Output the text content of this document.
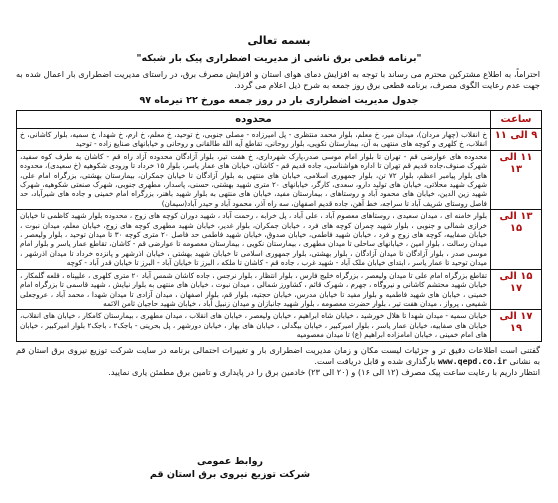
بسمه تعالی
"برنامه قطعی برق ناشی از مدیریت اضطراری پیک بار شبکه"
احتراماً، به اطلاع مشترکین محترم می رساند با توجه به افزایش دمای هوای استان و افزایش مصرف برق، در راستای مدیریت اضطراری بار اعمال شده به جهت عدم رعایت الگوی مصرف، برنامه قطعی برق روز جمعه به شرح ذیل اعلام می گردد.
جدول مدیریت اضطراری بار در روز جمعه مورخ ۲۲ تیرماه ۹۷
ساعت	محدوده
۹ الی ۱۱	خ انقلاب (چهار مردان)، میدان میر، خ معلم، بلوار محمد منتظری - پل امیرزاده - مصلی جنوبی، خ توحید، خ معلم، خ ارم، خ شهدا، خ سمیه، بلوار کاشانی، خ انقلاب، خ کلهری و کوچه های منتهی به آن، بیمارستان نکویی، بلوار روحانی، تقاطع آیه الله طالقانی و روحانی و خیابانهای صنایع زاده - توحید
۱۱ الی ۱۳	محدوده های عوارضی قم - تهران تا بلوار امام موسی صدر،پارک شهرداری، خ هفت تیر، بلوار آزادگان محدوده آزاد راه قم - کاشان به طرف کوه سفید، شهرک صنوف،جاده قدیم قم تهران تا اداره هواشناسی، جاده قدیم قم - کاشان، خیابان های عمار یاسر، بلوار ۱۵ خرداد تا ورودی شکوهیه (خ سعیدی)، محدوده های بلوار پیامبر اعظم، بلوار ۷۲ تن، بلوار جمهوری اسلامی، خیابان های منتهی به بلوار آزادگان تا خیابان جمکران، بیمارستان بهشتی، بزرگراه امام علی، شهرک شهید محلاتی، خیابان های تولید دارو، سعدی، کارگر، خیابانهای ۲۰ متری شهید بهشتی، حسنی، پاسدار، مطهری جنوبی، شهرک صنعتی شکوهیه، شهرک شهید زین الدین، خیابان های محمود آباد و روستاهای ، بیمارستان مفید، خیابان های منتهی به بلوار شهید باهنر، بزرگراه امام خمینی و جاده های شیرآباد، حد فاصل روستای شریف آباد تا سراجه، خط آهن، جاده قدیم اصفهان، سه راه آذر، محمود آباد و حیدر آباد(سیمان)
۱۳ الی ۱۵	بلوار خامنه ای ، میدان سعیدی ، روستاهای معصوم آباد ، علی آباد ، پل خرابه ، رحمت آباد ، شهید دوران کوچه های زوج ، محدوده بلوار شهید کاظمی تا خیابان خرازی شمالی و جنوبی ، بلوار شهید چمران کوچه های فرد ، خیابان جمکران، بلوار غدیر، خیابان شهید مطهری کوچه های زوج، خیابان معلم، میدان نبوت ، خیابان صفاییه، کوچه های زوج و فرد ، خیابان شهید فاطمی، خیابان صدوق، خیابان شهید فاطمی حد فاصل ۲۰ متری کوچه ۳۰ تا میدان توحید ، بلوار ولیعصر ، میدان رسالت ، بلوار امین ، خیابانهای ساحلی تا میدان مطهری ، بیمارستان نکویی ، بیمارستان معصومه تا عوارضی قم - کاشان، تقاطع عمار یاسر و بلوار امام موسی صدر ، بلوار آزادگان تا میدان آزادگان ، بلوار بهشتی، بلوار جمهوری اسلامی تا خیابان شهید بهشتی ، خیابان اذرشهر و پانزده خرداد تا میدان اذرشهر ، میدان توحید تا عمار یاسر ، ابتدای خیابان ملک آباد - شهید غرب ، جاده قم - کاشان تا ملکه ، البرز تا خیابان آباد - البرز تا خیابان قدر آباد - کوچه
۱۵ الی ۱۷	تقاطع بزرگراه امام علی تا میدان ولیعصر ، بزرگراه خلیج فارس ، بلوار انتظار ، بلوار نرجس ، جاده کاشان شمس آباد ۲۰ متری کلهری ، علیپناه ، قلعه گلمکار ، خیابان شهید محتشم کاشانی و نیروگاه ، جهرم ، شهرک قائم ، کشاورز شمالی ، میدان نبوت ، خیابان های منتهی به بلوار نیایش ، شهید قاسمی تا بزرگراه امام خمینی ، خیابان های شهید فاطمیه و بلوار مفید تا خیابان مدرس، خیابان حجتیه، بلوار قم، بلوار اصفهان ، میدان آزادی تا میدان شهدا ، محمد آباد ، عروجعلی شفیعی ، پرواز ، میدان هفت تیر ، بلوار حضرت معصومه ، بلوار شهید جانبازان و میدان زنبیل آباد ، خیابان شهید حاجیان ثامن الائمه
۱۷ الی ۱۹	خیابان سمیه - میدان شهدا تا هلال خورشید ، خیابان شاه ابراهیم ، خیابان ولیعصر ، خیابان های انقلاب ، میدان مطهری ، بیمارستان کامکار ، خیابان های انقلاب، خیابان های صفاییه، خیابان عمار یاسر ، بلوار امیرکبیر ، خیابان بیگدلی ، خیابان های بهار ، خیابان دورشهر ، پل بحرینی - باجک۲ ، باجک۲ بلوار امیرکبیر ، خیابان های امام خمینی ، خیابان امامزاده ابراهیم (ع) تا میدان معصومیه
گفتنی است اطلاعات دقیق تر و جزئیات لیست مکان و زمان مدیریت اضطراری بار و تغییرات احتمالی برنامه در سایت شرکت توزیع نیروی برق استان قم به نشانی www.qepd.co.ir بارگذاری شده و قابل دریافت است.
انتظار داریم با رعایت ساعت پیک مصرف (۱۲ الی ۱۶) و (۲۰ الی ۲۳) خادمین برق را در پایداری و تامین برق مطمئن یاری نمایید.
روابط عمومی
شرکت توزیع نیروی برق استان قم
